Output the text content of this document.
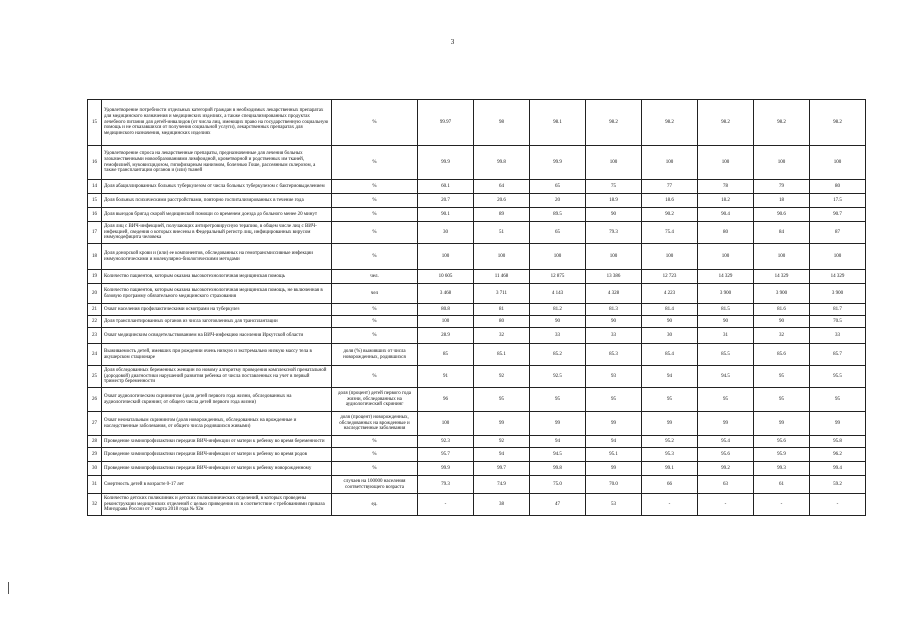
3
15	Удовлетворение потребности отдельных категорий граждан в необходимых лекарственных препаратах для медицинского назначения и медицинских изделиях, а также специализированных продуктах лечебного питания для детей-инвалидов (от числа лиц, имеющих право на государственную социальную помощь и не отказавшихся от получения социальной услуги), лекарственных препаратах для медицинского назначения, медицинских изделиях	%	99.97	98	98.1	98.2	98.2	98.2	98.2	98.2
16	Удовлетворение спроса на лекарственные препараты, предназначенные для лечения больных злокачественными новообразованиями лимфоидной, кроветворной и родственных им тканей, гемофилией, муковисцидозом, гипофизарным нанизмом, болезнью Гоше, рассеянным склерозом, а также трансплантации органов и (или) тканей	%	99.9	99.8	99.9	100	100	100	100	100
14	Доля абациллированных больных туберкулезом от числа больных туберкулезом с бактериовыделением	%	60.1	64	65	75	77	78	79	80
15	Доля больных психическими расстройствами, повторно госпитализированных в течение года	%	20.7	20.6	20	18.9	18.6	18.2	18	17.5
16	Доля выездов бригад скорой медицинской помощи со временем доезда до больного менее 20 минут	%	90.1	89	89.5	90	90.2	90.4	90.6	90.7
17	Доля лиц с ВИЧ-инфекцией, получающих антиретровирусную терапию, в общем числе лиц с ВИЧ-инфекцией, сведения о которых внесены в Федеральный регистр лиц, инфицированных вирусом иммунодефицита человека	%	30	51	65	79.3	75.4	80	84	87
18	Доля донорской крови и (или) ее компонентов, обследованных на гемотрансмиссивные инфекции иммунологическими и молекулярно-биологическими методами	%	100	100	100	100	100	100	100	100
19	Количество пациентов, которым оказана высокотехнологичная медицинская помощь	чел.	10 605	11 468	12 875	13 386	12 723	14 329	14 329	14 329
20	Количество пациентов, которым оказана высокотехнологичная медицинская помощь, не включенная в базовую программу обязательного медицинского страхования	чел	3 468	3 711	4 143	4 328	4 223	3 900	3 900	3 900
21	Охват населения профилактическими осмотрами на туберкулез	%	80.8	81	81.2	81.3	81.4	81.5	81.6	81.7
22	Доля трансплантированных органов из числа заготовленных для трансплантации	%	100	80	90	90	90	90	90	70.5
23	Охват медицинским освидетельствованием на ВИЧ-инфекцию населения Иркутской области	%	28.9	32	33	33	30	31	32	33
24	Выживаемость детей, имевших при рождении очень низкую и экстремально низкую массу тела в акушерском стационаре	доля (%) выживших от числа новорожденных, родившихся	85	85.1	85.2	85.3	85.4	85.5	85.6	85.7
25	Доля обследованных беременных женщин по новому алгоритму проведения комплексной пренатальной (дородовой) диагностики нарушений развития ребенка от числа поставленных на учет в первый триместр беременности	%	91	92	92.5	93	94	94.5	95	95.5
26	Охват аудиологическим скринингом (доля детей первого года жизни, обследованных на аудиологический скрининг, от общего числа детей первого года жизни)	доля (процент) детей первого года жизни, обследованных на аудиологический скрининг	96	95	95	95	95	95	95	95
27	Охват неонатальным скринингом (доля новорожденных, обследованных на врожденные и наследственные заболевания, от общего числа родившихся живыми)	доля (процент) новорожденных, обследованных на врожденные и наследственные заболевания	100	99	99	99	99	99	99	99
28	Проведение химиопрофилактики передачи ВИЧ-инфекции от матери к ребенку во время беременности	%	92.3	92	94	94	95.2	95.4	95.6	95.8
29	Проведение химиопрофилактики передачи ВИЧ-инфекции от матери к ребенку во время родов	%	95.7	94	94.5	95.1	95.3	95.6	95.9	96.2
30	Проведение химиопрофилактики передачи ВИЧ-инфекции от матери к ребенку новорожденному	%	99.9	99.7	99.8	99	99.1	99.2	99.3	99.4
31	Смертность детей в возрасте 0-17 лет	случаев на 100000 населения соответствующего возраста	79.3	74.9	75.0	70.0	66	63	61	59.2
32	Количество детских поликлиник и детских поликлинических отделений, в которых проведены реконструкции медицинских отделений с целью приведения их в соответствие с требованиями приказа Минздрава России от 7 марта 2018 года № 92н	ед.	-	38	47	53	-	-	-	-
